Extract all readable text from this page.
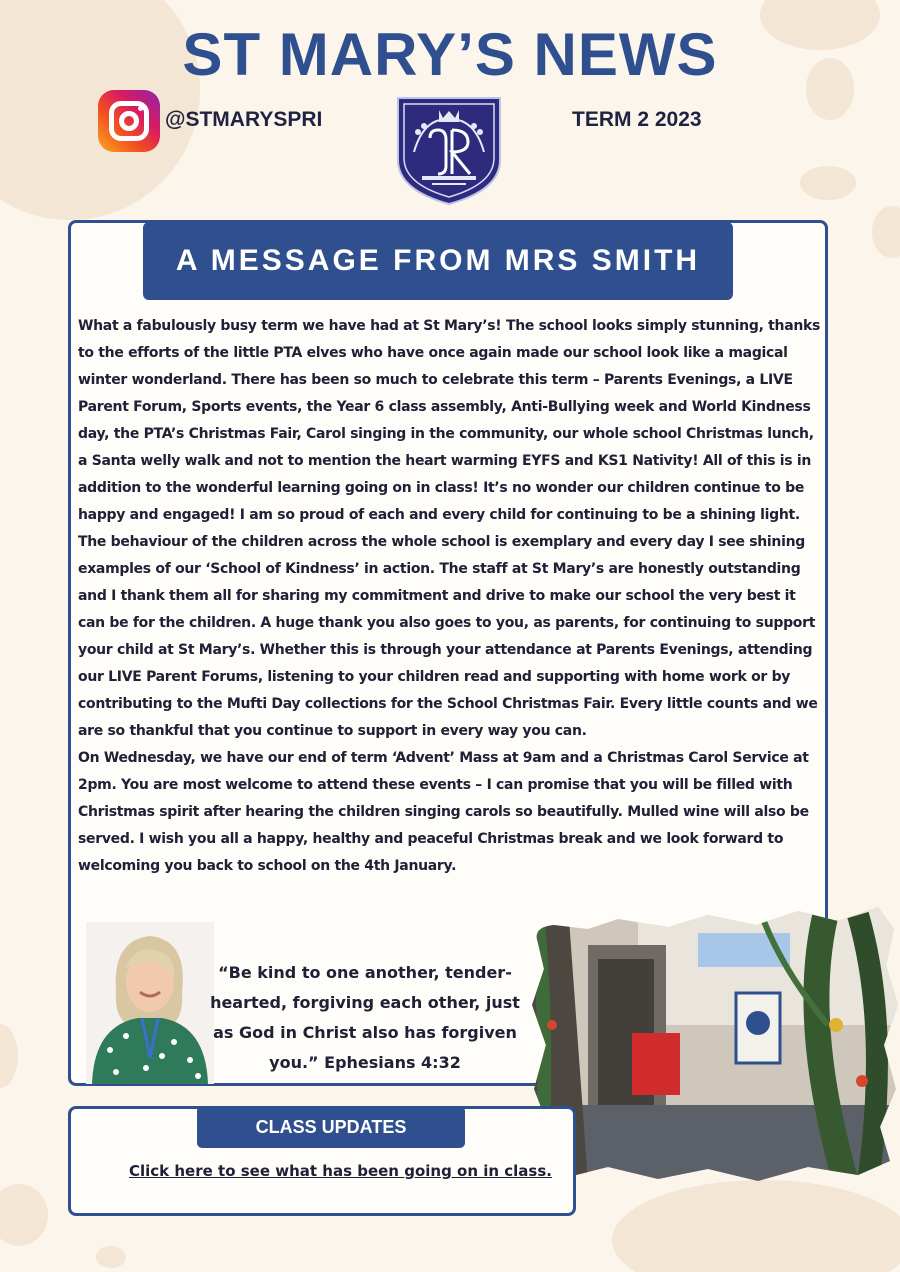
ST MARY’S NEWS
@STMARYSPRI	TERM 2 2023
A MESSAGE FROM MRS SMITH

What a fabulously busy term we have had at St Mary’s! The school looks simply stunning, thanks to the efforts of the little PTA elves who have once again made our school look like a magical winter wonderland. There has been so much to celebrate this term – Parents Evenings, a LIVE Parent Forum, Sports events, the Year 6 class assembly, Anti-Bullying week and World Kindness day, the PTA’s Christmas Fair, Carol singing in the community, our whole school Christmas lunch, a Santa welly walk and not to mention the heart warming EYFS and KS1 Nativity! All of this is in addition to the wonderful learning going on in class! It’s no wonder our children continue to be happy and engaged! I am so proud of each and every child for continuing to be a shining light. The behaviour of the children across the whole school is exemplary and every day I see shining examples of our ‘School of Kindness’ in action. The staff at St Mary’s are honestly outstanding and I thank them all for sharing my commitment and drive to make our school the very best it can be for the children. A huge thank you also goes to you, as parents, for continuing to support your child at St Mary’s. Whether this is through your attendance at Parents Evenings, attending our LIVE Parent Forums, listening to your children read and supporting with home work or by contributing to the Mufti Day collections for the School Christmas Fair. Every little counts and we are so thankful that you continue to support in every way you can.

On Wednesday, we have our end of term ‘Advent’ Mass at 9am and a Christmas Carol Service at 2pm. You are most welcome to attend these events – I can promise that you will be filled with Christmas spirit after hearing the children singing carols so beautifully. Mulled wine will also be served. I wish you all a happy, healthy and peaceful Christmas break and we look forward to welcoming you back to school on the 4th January.

“Be kind to one another, tender-hearted, forgiving each other, just as God in Christ also has forgiven you.” Ephesians 4:32
CLASS UPDATES
Click here to see what has been going on in class.
